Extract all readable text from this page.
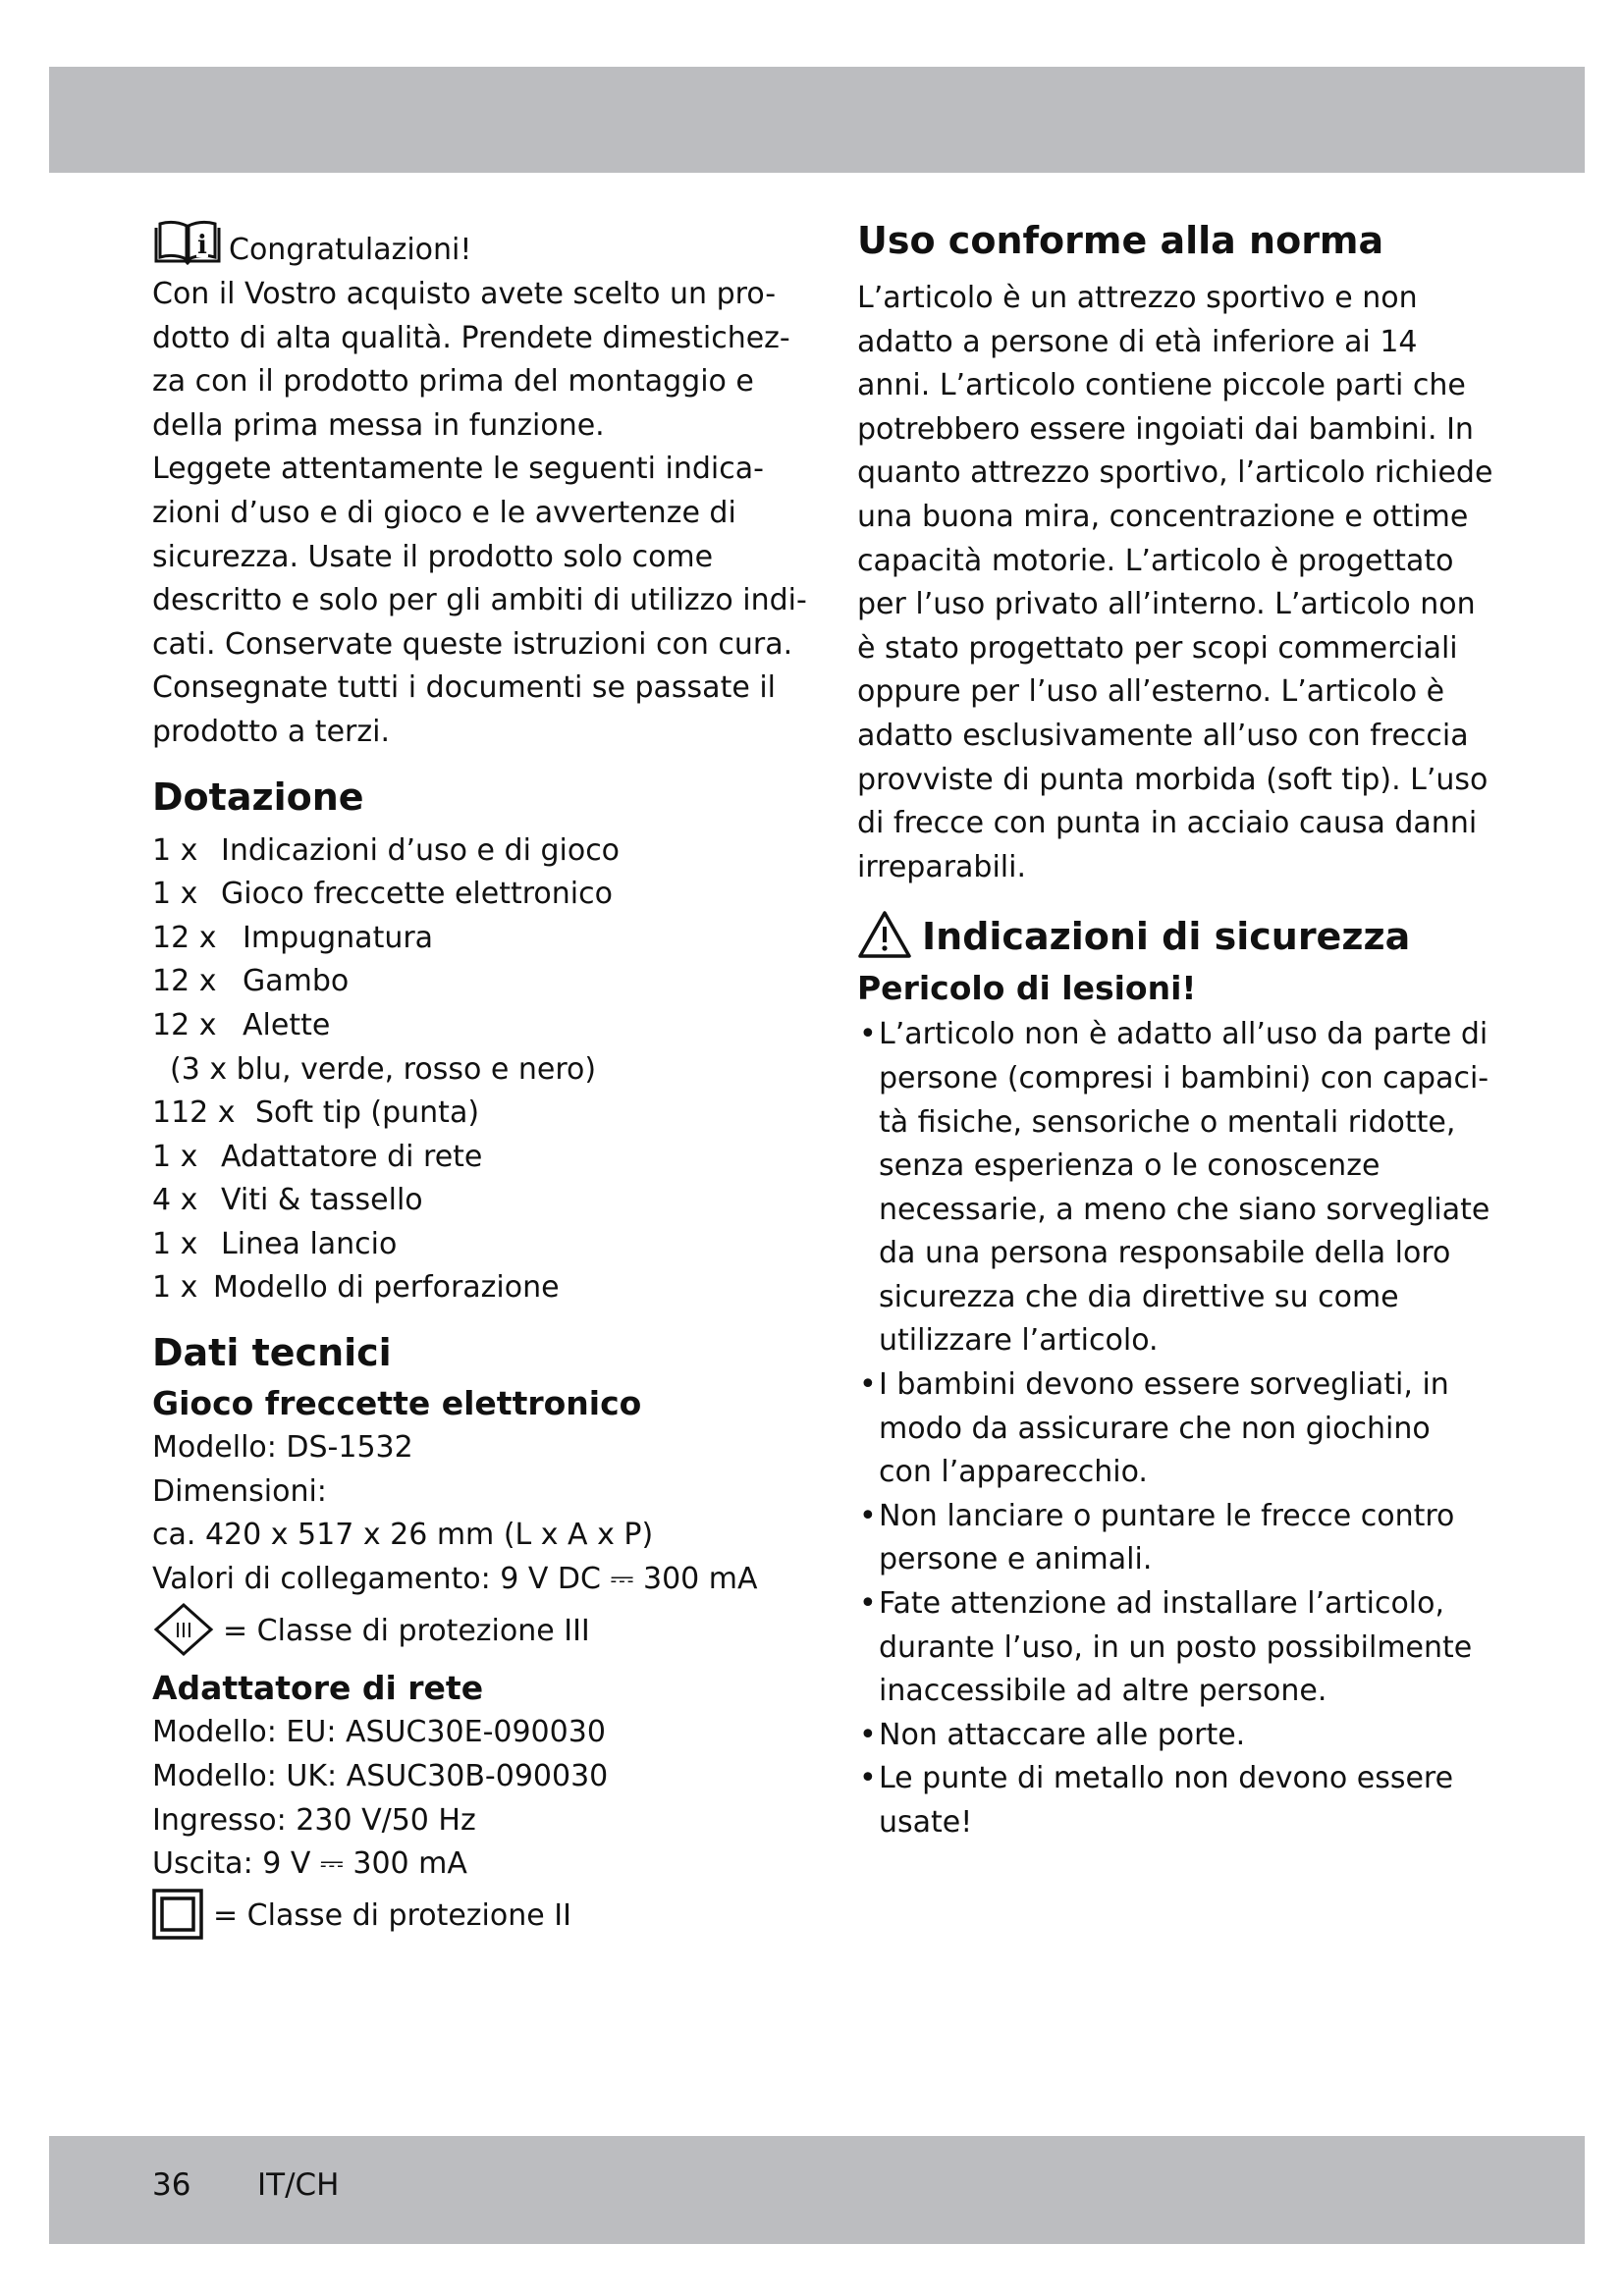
i Congratulazioni!
Con il Vostro acquisto avete scelto un pro-
dotto di alta qualità. Prendete dimestichez-
za con il prodotto prima del montaggio e
della prima messa in funzione.
Leggete attentamente le seguenti indica-
zioni d’uso e di gioco e le avvertenze di
sicurezza. Usate il prodotto solo come
descritto e solo per gli ambiti di utilizzo indi-
cati. Conservate queste istruzioni con cura.
Consegnate tutti i documenti se passate il
prodotto a terzi.
Dotazione
1 x Indicazioni d’uso e di gioco
1 x Gioco freccette elettronico
12 x Impugnatura
12 x Gambo
12 x Alette
(3 x blu, verde, rosso e nero)
112 x Soft tip (punta)
1 x Adattatore di rete
4 x Viti & tassello
1 x Linea lancio
1 x Modello di perforazione
Dati tecnici
Gioco freccette elettronico
Modello: DS-1532
Dimensioni:
ca. 420 x 517 x 26 mm (L x A x P)
Valori di collegamento: 9 V DC ⎓ 300 mA
III = Classe di protezione III
Adattatore di rete
Modello: EU: ASUC30E-090030
Modello: UK: ASUC30B-090030
Ingresso: 230 V/50 Hz
Uscita: 9 V ⎓ 300 mA
= Classe di protezione II
Uso conforme alla norma
L’articolo è un attrezzo sportivo e non
adatto a persone di età inferiore ai 14
anni. L’articolo contiene piccole parti che
potrebbero essere ingoiati dai bambini. In
quanto attrezzo sportivo, l’articolo richiede
una buona mira, concentrazione e ottime
capacità motorie. L’articolo è progettato
per l’uso privato all’interno. L’articolo non
è stato progettato per scopi commerciali
oppure per l’uso all’esterno. L’articolo è
adatto esclusivamente all’uso con freccia
provviste di punta morbida (soft tip). L’uso
di frecce con punta in acciaio causa danni
irreparabili.
Indicazioni di sicurezza
Pericolo di lesioni!
• L’articolo non è adatto all’uso da parte di
persone (compresi i bambini) con capaci-
tà fisiche, sensoriche o mentali ridotte,
senza esperienza o le conoscenze
necessarie, a meno che siano sorvegliate
da una persona responsabile della loro
sicurezza che dia direttive su come
utilizzare l’articolo.
• I bambini devono essere sorvegliati, in
modo da assicurare che non giochino
con l’apparecchio.
• Non lanciare o puntare le frecce contro
persone e animali.
• Fate attenzione ad installare l’articolo,
durante l’uso, in un posto possibilmente
inaccessibile ad altre persone.
• Non attaccare alle porte.
• Le punte di metallo non devono essere
usate!
36 IT/CH
